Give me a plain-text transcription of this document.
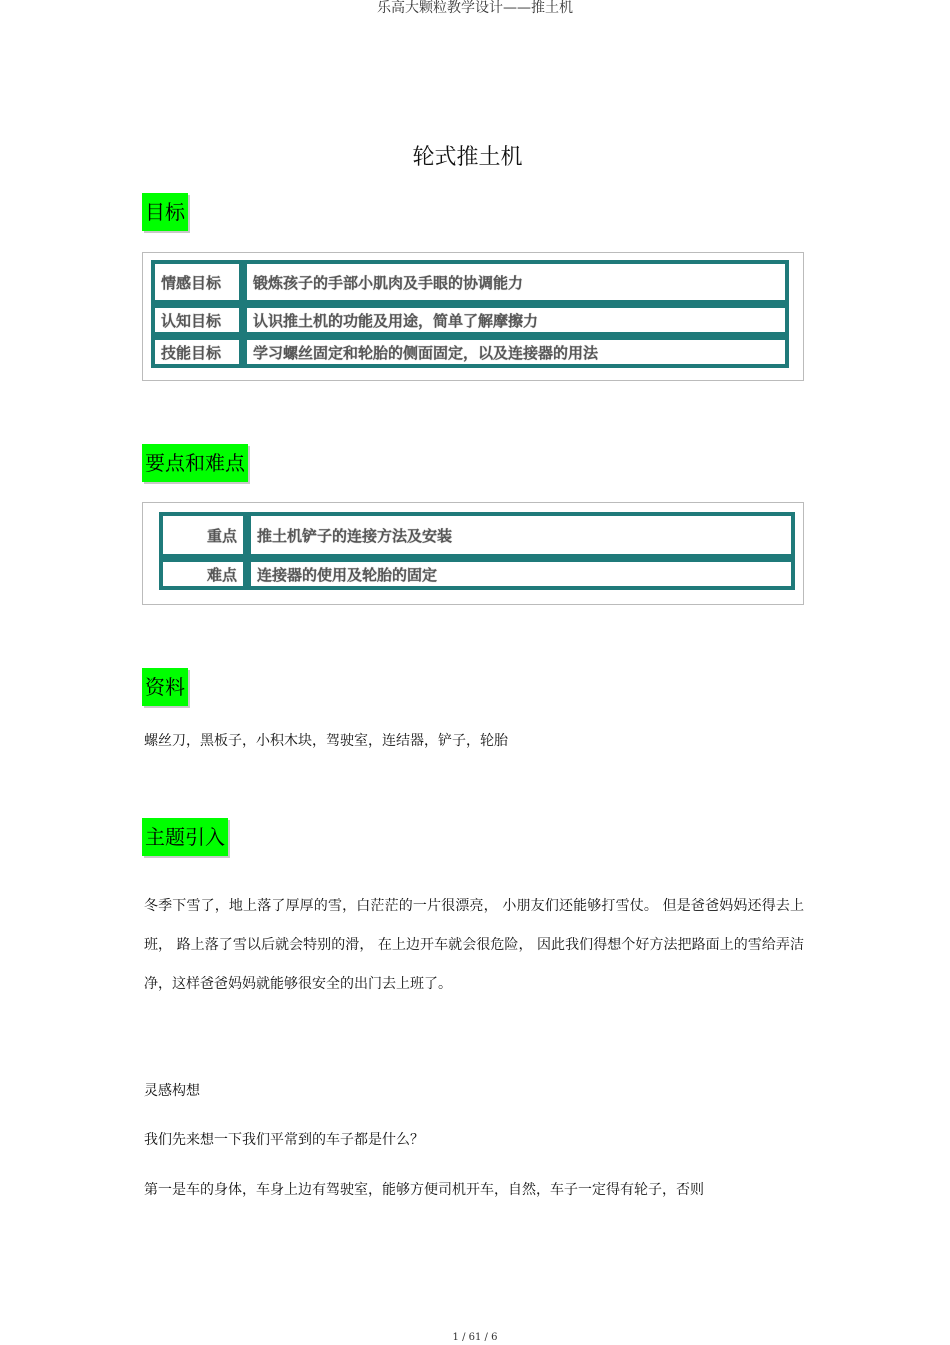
乐高大颗粒教学设计——推土机
轮式推土机
目标
情感目标	锻炼孩子的手部小肌肉及手眼的协调能力
认知目标	认识推土机的功能及用途，简单了解摩擦力
技能目标	学习螺丝固定和轮胎的侧面固定，以及连接器的用法
要点和难点
重点	推土机铲子的连接方法及安装
难点	连接器的使用及轮胎的固定
资料
螺丝刀，黑板子，小积木块，驾驶室，连结器，铲子，轮胎
主题引入
冬季下雪了，地上落了厚厚的雪，白茫茫的一片很漂亮， 小朋友们还能够打雪仗。 但是爸爸妈妈还得去上班， 路上落了雪以后就会特别的滑， 在上边开车就会很危险， 因此我们得想个好方法把路面上的雪给弄洁净，这样爸爸妈妈就能够很安全的出门去上班了。
灵感构想
我们先来想一下我们平常到的车子都是什么？
第一是车的身体，车身上边有驾驶室，能够方便司机开车，自然，车子一定得有轮子，否则
1 / 61 / 6
